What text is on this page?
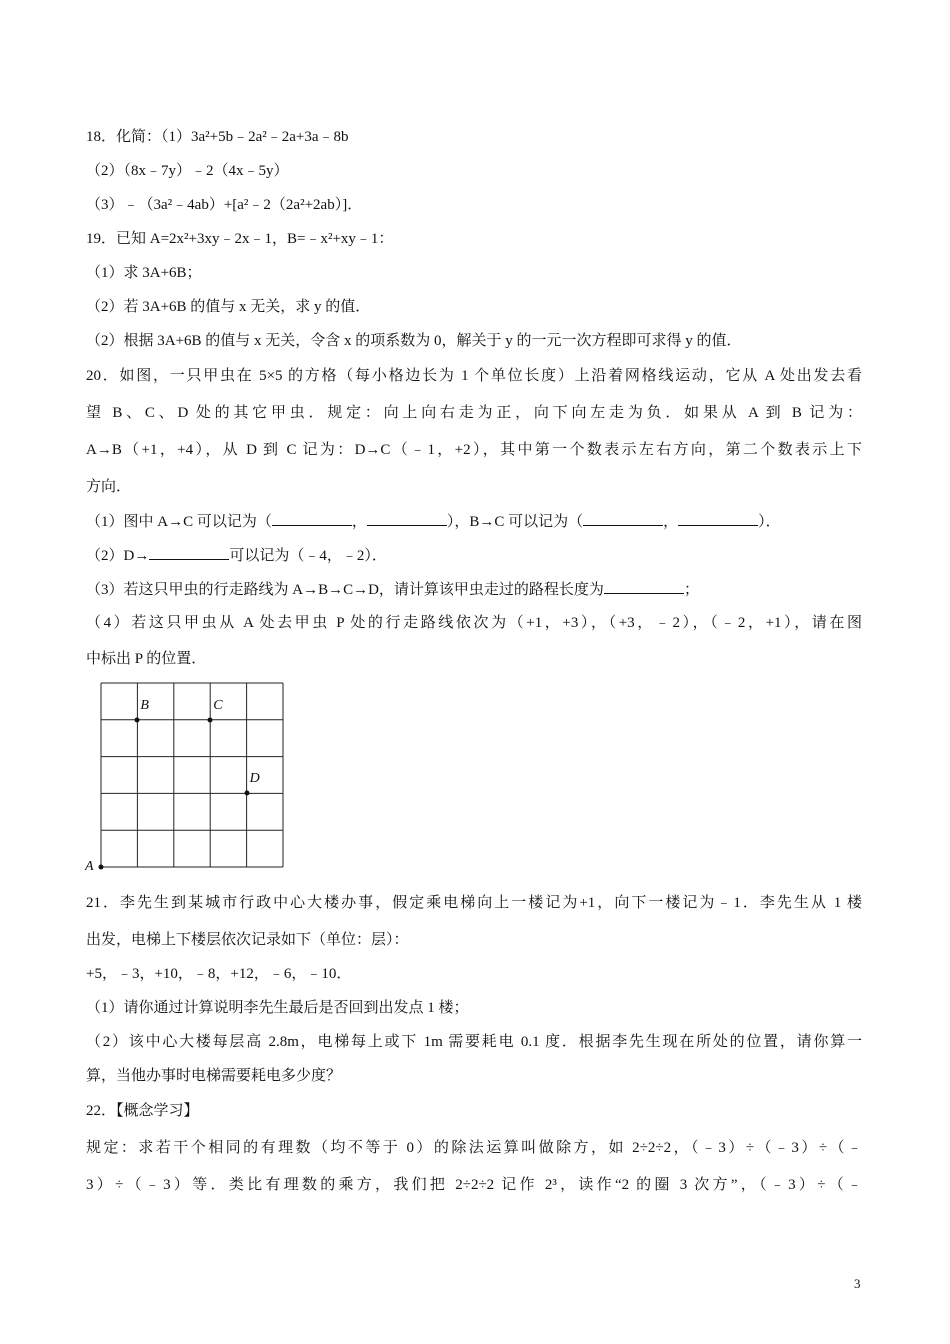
18．化简：（1）3a²+5b﹣2a²﹣2a+3a﹣8b
（2）（8x﹣7y）﹣2（4x﹣5y）
（3）﹣（3a²﹣4ab）+[a²﹣2（2a²+2ab）]．
19．已知 A=2x²+3xy﹣2x﹣1，B=﹣x²+xy﹣1：
（1）求 3A+6B；
（2）若 3A+6B 的值与 x 无关，求 y 的值．
（2）根据 3A+6B 的值与 x 无关，令含 x 的项系数为 0，解关于 y 的一元一次方程即可求得 y 的值．
20．如图，一只甲虫在 5×5 的方格（每小格边长为 1 个单位长度）上沿着网格线运动，它从 A 处出发去看
望 B、C、D 处的其它甲虫．规定：向上向右走为正，向下向左走为负．如果从 A 到 B 记为：
A→B（+1，+4），从 D 到 C 记为：D→C（﹣1，+2），其中第一个数表示左右方向，第二个数表示上下
方向．
（1）图中 A→C 可以记为（	，	），B→C 可以记为（	，	）．
（2）D→	可以记为（﹣4，﹣2）．
（3）若这只甲虫的行走路线为 A→B→C→D，请计算该甲虫走过的路程长度为	；
（4）若这只甲虫从 A 处去甲虫 P 处的行走路线依次为（+1，+3），（+3，﹣2），（﹣2，+1），请在图
中标出 P 的位置．
A
B	C
D
21．李先生到某城市行政中心大楼办事，假定乘电梯向上一楼记为+1，向下一楼记为﹣1．李先生从 1 楼
出发，电梯上下楼层依次记录如下（单位：层）：
+5，﹣3，+10，﹣8，+12，﹣6，﹣10．
（1）请你通过计算说明李先生最后是否回到出发点 1 楼；
（2）该中心大楼每层高 2.8m，电梯每上或下 1m 需要耗电 0.1 度．根据李先生现在所处的位置，请你算一
算，当他办事时电梯需要耗电多少度？
22．【概念学习】
规定：求若干个相同的有理数（均不等于 0）的除法运算叫做除方，如 2÷2÷2，（﹣3）÷（﹣3）÷（﹣
3）÷（﹣3）等．类比有理数的乘方，我们把 2÷2÷2 记作 2³，读作“2 的圈 3 次方”，（﹣3）÷（﹣
3
